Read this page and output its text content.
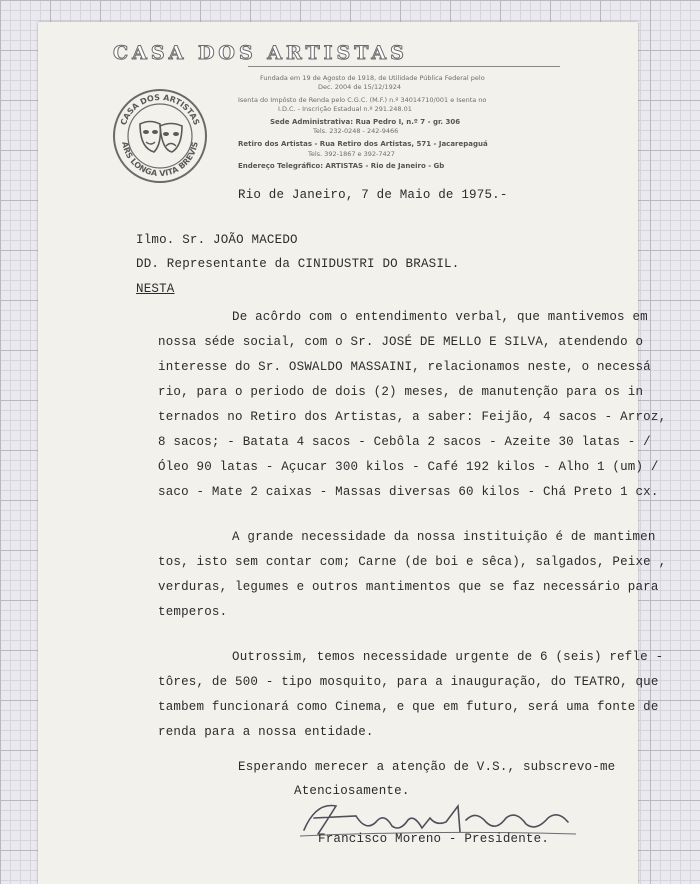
CASA DOS ARTISTAS
CASA DOS ARTISTAS
ARS LONGA VITA BREVIS
Fundada em 19 de Agosto de 1918, de Utilidade Pública Federal pelo
Dec. 2004 de 15/12/1924
Isenta do Impôsto de Renda pelo C.G.C. (M.F.) n.º 34014710/001 e Isenta no
I.D.C. - Inscrição Estadual n.º 291.248.01
Sede Administrativa: Rua Pedro I, n.º 7 - gr. 306
Tels. 232-0248 - 242-9466
Retiro dos Artistas - Rua Retiro dos Artistas, 571 - Jacarepaguá
Tels. 392-1867 e 392-7427
Endereço Telegráfico: ARTISTAS - Rio de Janeiro - Gb
Rio de Janeiro, 7 de Maio de 1975.-
Ilmo. Sr. JOÃO MACEDO
DD. Representante da CINIDUSTRI DO BRASIL.
NESTA
De acôrdo com o entendimento verbal, que mantivemos em
nossa séde social, com o Sr. JOSÉ DE MELLO E SILVA, atendendo o
interesse do Sr. OSWALDO MASSAINI, relacionamos neste, o necessá
rio, para o periodo de dois (2) meses, de manutenção para os in
ternados no Retiro dos Artistas, a saber: Feijão, 4 sacos - Arroz,
8 sacos; - Batata 4 sacos - Cebôla 2 sacos - Azeite 30 latas - /
Óleo 90 latas - Açucar 300 kilos - Café 192 kilos - Alho 1 (um) /
saco - Mate 2 caixas - Massas diversas 60 kilos - Chá Preto 1 cx.
A grande necessidade da nossa instituição é de mantimen
tos, isto sem contar com; Carne (de boi e sêca), salgados, Peixe ,
verduras, legumes e outros mantimentos que se faz necessário para
temperos.
Outrossim, temos necessidade urgente de 6 (seis) refle -
tôres, de 500 - tipo mosquito, para a inauguração, do TEATRO, que
tambem funcionará como Cinema, e que em futuro, será uma fonte de
renda para a nossa entidade.
Esperando merecer a atenção de V.S., subscrevo-me
Atenciosamente.
Francisco Moreno - Presidente.
